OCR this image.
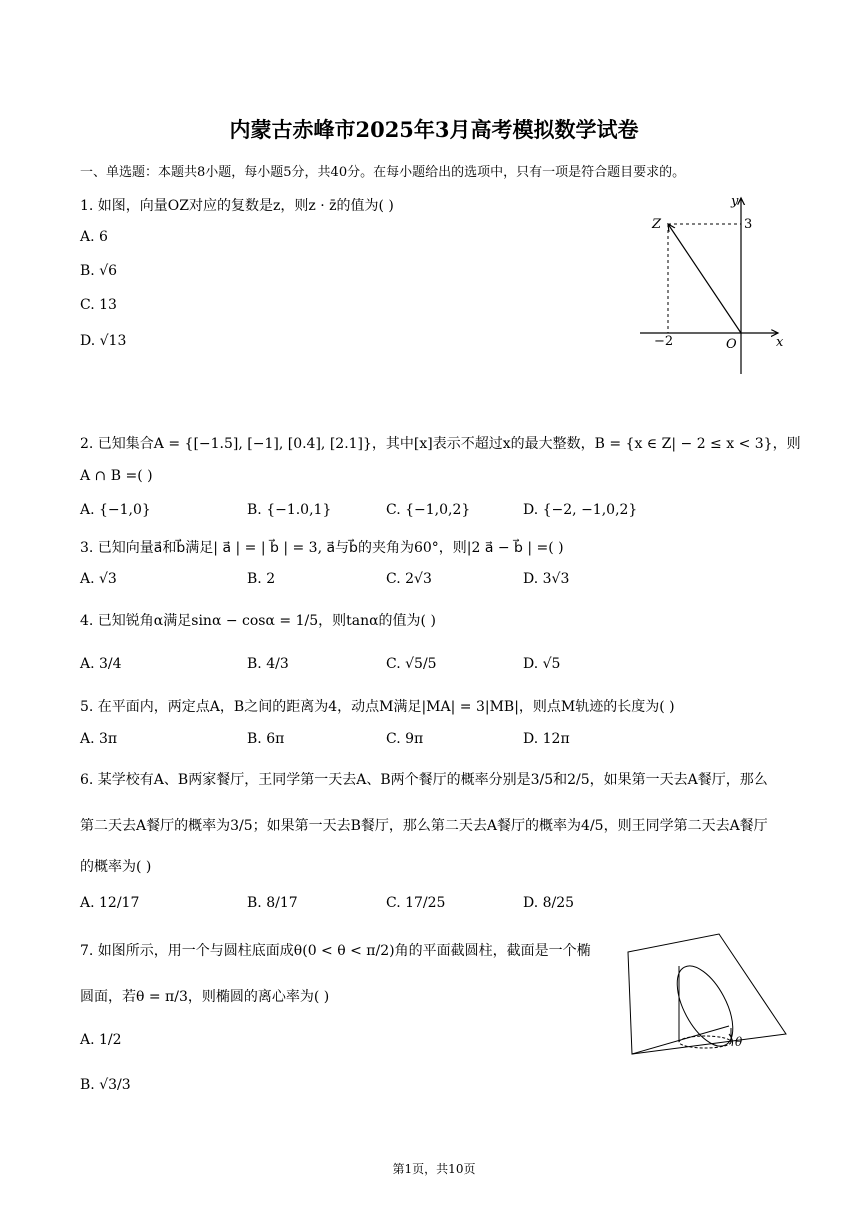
内蒙古赤峰市2025年3月高考模拟数学试卷
一、单选题：本题共8小题，每小题5分，共40分。在每小题给出的选项中，只有一项是符合题目要求的。
1. 如图，向量OZ对应的复数是z，则z · z̄的值为( )
A. 6
B. √6
C. 13
D. √13
y
x
Z
O
3
−2
2. 已知集合A = {[−1.5], [−1], [0.4], [2.1]}，其中[x]表示不超过x的最大整数，B = {x ∈ Z| − 2 ≤ x < 3}，则
A ∩ B =( )
A. {−1,0}	B. {−1.0,1}	C. {−1,0,2}	D. {−2, −1,0,2}
3. 已知向量a⃗和b⃗满足| a⃗ | = | b⃗ | = 3, a⃗与b⃗的夹角为60°，则|2 a⃗ − b⃗ | =( )
A. √3	B. 2	C. 2√3	D. 3√3
4. 已知锐角α满足sinα − cosα = 1/5，则tanα的值为( )
A. 3/4	B. 4/3	C. √5/5	D. √5
5. 在平面内，两定点A，B之间的距离为4，动点M满足|MA| = 3|MB|，则点M轨迹的长度为( )
A. 3π	B. 6π	C. 9π	D. 12π
6. 某学校有A、B两家餐厅，王同学第一天去A、B两个餐厅的概率分别是3/5和2/5，如果第一天去A餐厅，那么
第二天去A餐厅的概率为3/5；如果第一天去B餐厅，那么第二天去A餐厅的概率为4/5，则王同学第二天去A餐厅
的概率为( )
A. 12/17	B. 8/17	C. 17/25	D. 8/25
7. 如图所示，用一个与圆柱底面成θ(0 < θ < π/2)角的平面截圆柱，截面是一个椭
圆面，若θ = π/3，则椭圆的离心率为( )
A. 1/2
B. √3/3
θ
第1页，共10页
